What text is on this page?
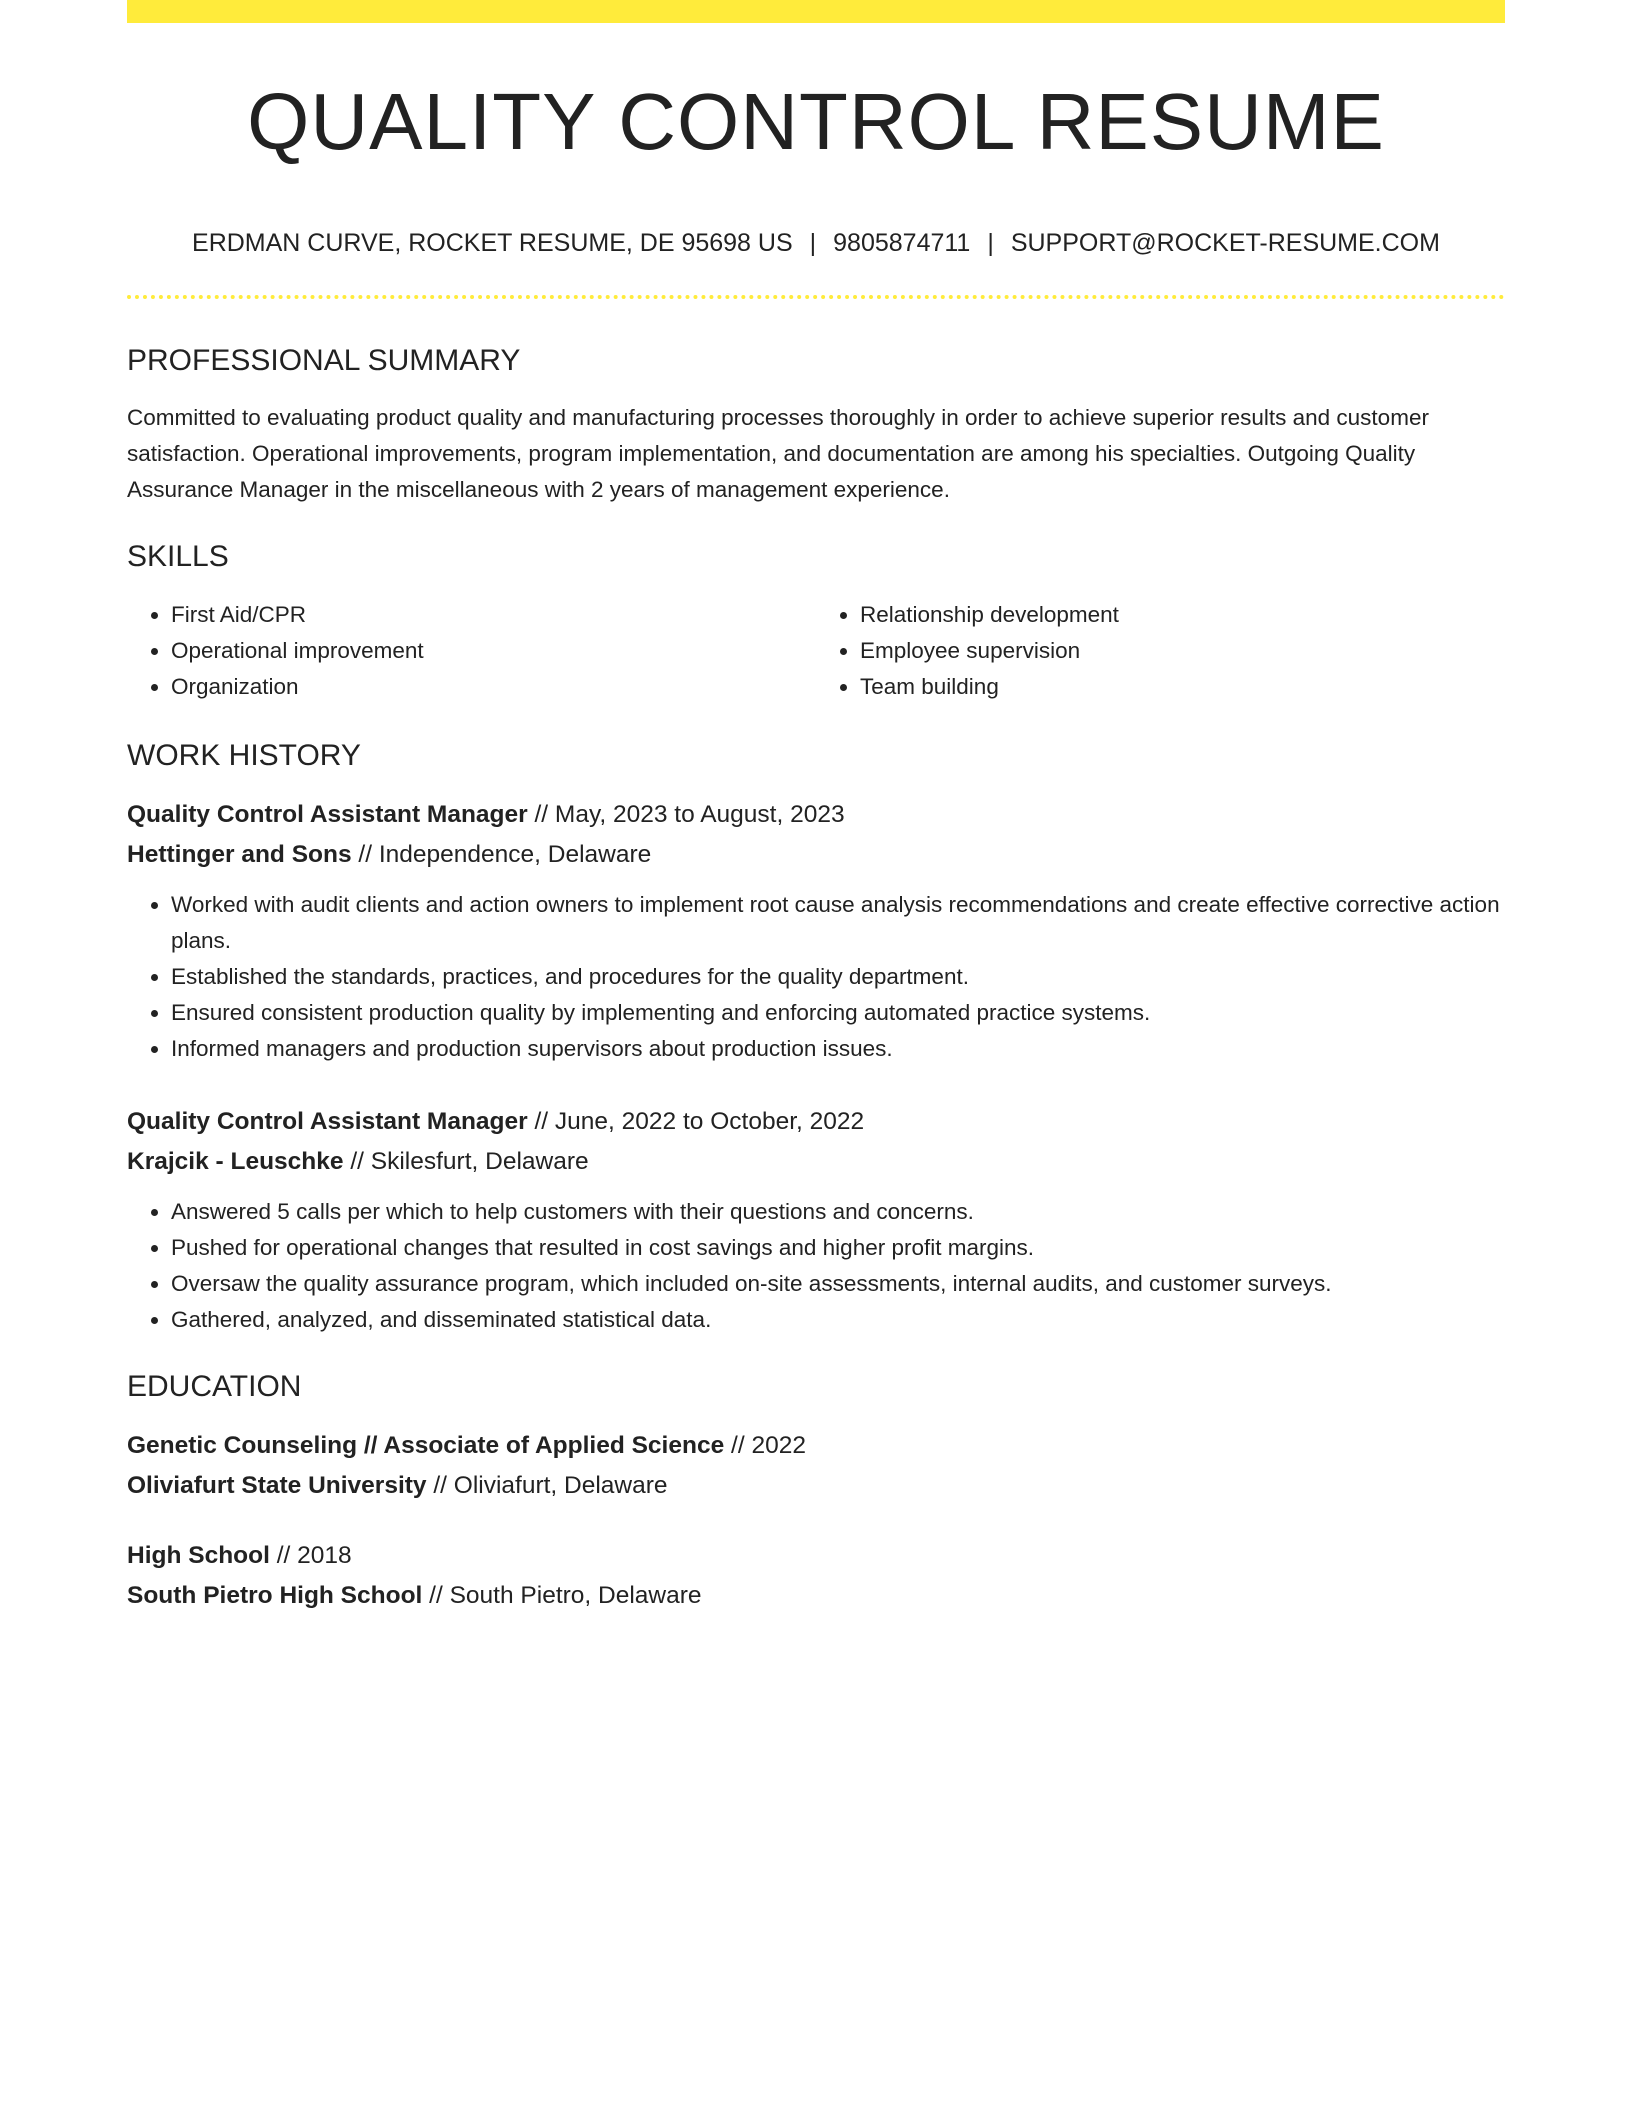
QUALITY CONTROL RESUME
ERDMAN CURVE, ROCKET RESUME, DE 95698 US | 9805874711 | SUPPORT@ROCKET-RESUME.COM
PROFESSIONAL SUMMARY
Committed to evaluating product quality and manufacturing processes thoroughly in order to achieve superior results and customer satisfaction. Operational improvements, program implementation, and documentation are among his specialties. Outgoing Quality Assurance Manager in the miscellaneous with 2 years of management experience.
SKILLS
• First Aid/CPR
• Operational improvement
• Organization
• Relationship development
• Employee supervision
• Team building
WORK HISTORY
Quality Control Assistant Manager // May, 2023 to August, 2023
Hettinger and Sons // Independence, Delaware
• Worked with audit clients and action owners to implement root cause analysis recommendations and create effective corrective action plans.
• Established the standards, practices, and procedures for the quality department.
• Ensured consistent production quality by implementing and enforcing automated practice systems.
• Informed managers and production supervisors about production issues.
Quality Control Assistant Manager // June, 2022 to October, 2022
Krajcik - Leuschke // Skilesfurt, Delaware
• Answered 5 calls per which to help customers with their questions and concerns.
• Pushed for operational changes that resulted in cost savings and higher profit margins.
• Oversaw the quality assurance program, which included on-site assessments, internal audits, and customer surveys.
• Gathered, analyzed, and disseminated statistical data.
EDUCATION
Genetic Counseling // Associate of Applied Science // 2022
Oliviafurt State University // Oliviafurt, Delaware
High School // 2018
South Pietro High School // South Pietro, Delaware
